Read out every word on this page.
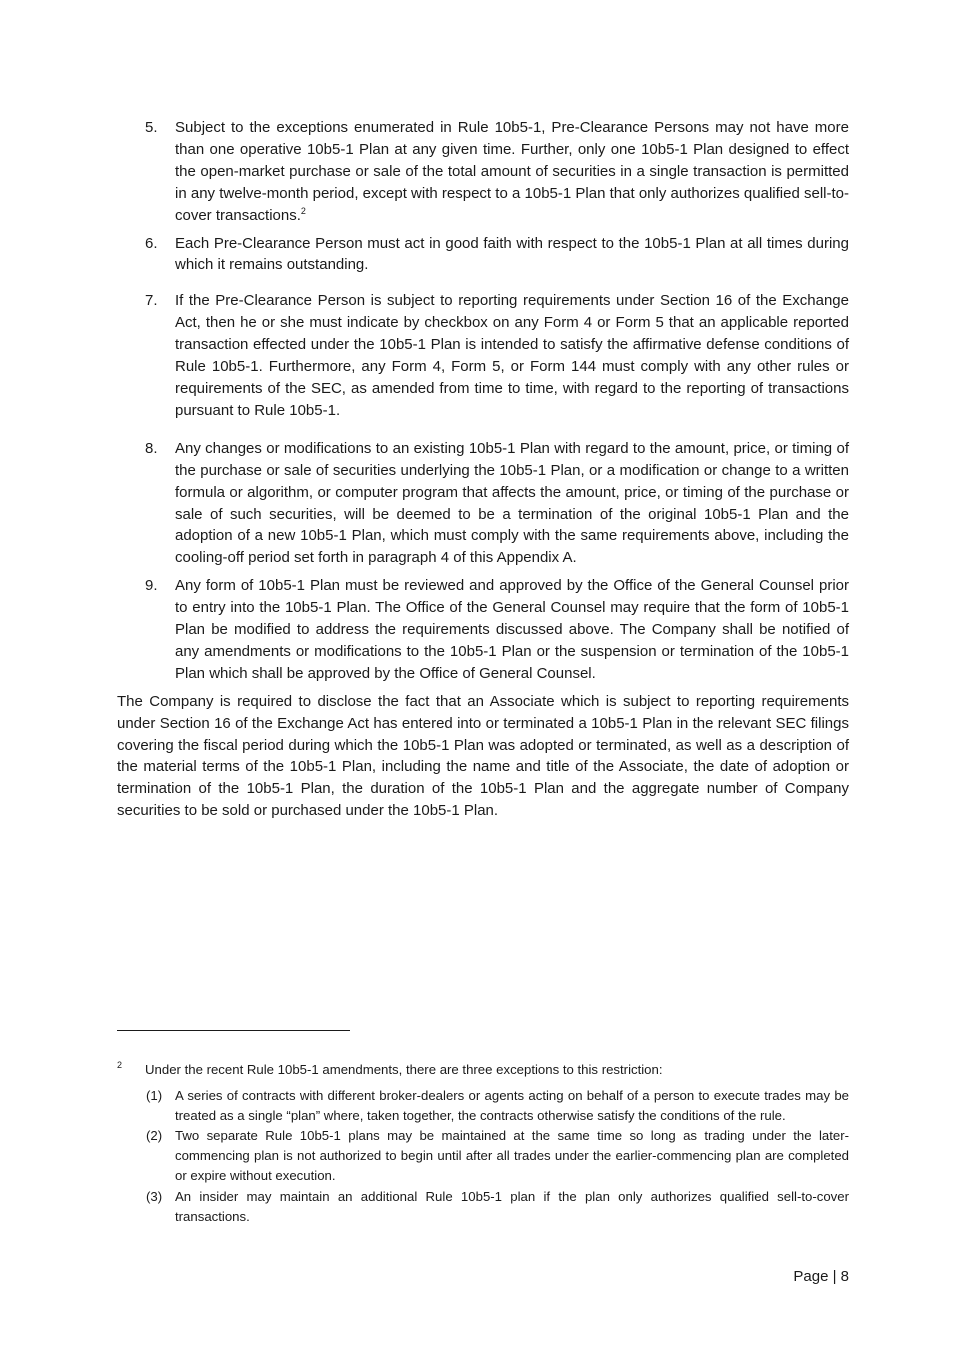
5. Subject to the exceptions enumerated in Rule 10b5-1, Pre-Clearance Persons may not have more than one operative 10b5-1 Plan at any given time. Further, only one 10b5-1 Plan designed to effect the open-market purchase or sale of the total amount of securities in a single transaction is permitted in any twelve-month period, except with respect to a 10b5-1 Plan that only authorizes qualified sell-to-cover transactions.$^2$
6. Each Pre-Clearance Person must act in good faith with respect to the 10b5-1 Plan at all times during which it remains outstanding.
7. If the Pre-Clearance Person is subject to reporting requirements under Section 16 of the Exchange Act, then he or she must indicate by checkbox on any Form 4 or Form 5 that an applicable reported transaction effected under the 10b5-1 Plan is intended to satisfy the affirmative defense conditions of Rule 10b5-1. Furthermore, any Form 4, Form 5, or Form 144 must comply with any other rules or requirements of the SEC, as amended from time to time, with regard to the reporting of transactions pursuant to Rule 10b5-1.
8. Any changes or modifications to an existing 10b5-1 Plan with regard to the amount, price, or timing of the purchase or sale of securities underlying the 10b5-1 Plan, or a modification or change to a written formula or algorithm, or computer program that affects the amount, price, or timing of the purchase or sale of such securities, will be deemed to be a termination of the original 10b5-1 Plan and the adoption of a new 10b5-1 Plan, which must comply with the same requirements above, including the cooling-off period set forth in paragraph 4 of this Appendix A.
9. Any form of 10b5-1 Plan must be reviewed and approved by the Office of the General Counsel prior to entry into the 10b5-1 Plan. The Office of the General Counsel may require that the form of 10b5-1 Plan be modified to address the requirements discussed above. The Company shall be notified of any amendments or modifications to the 10b5-1 Plan or the suspension or termination of the 10b5-1 Plan which shall be approved by the Office of General Counsel.

The Company is required to disclose the fact that an Associate which is subject to reporting requirements under Section 16 of the Exchange Act has entered into or terminated a 10b5-1 Plan in the relevant SEC filings covering the fiscal period during which the 10b5-1 Plan was adopted or terminated, as well as a description of the material terms of the 10b5-1 Plan, including the name and title of the Associate, the date of adoption or termination of the 10b5-1 Plan, the duration of the 10b5-1 Plan and the aggregate number of Company securities to be sold or purchased under the 10b5-1 Plan.

2 Under the recent Rule 10b5-1 amendments, there are three exceptions to this restriction:
(1) A series of contracts with different broker-dealers or agents acting on behalf of a person to execute trades may be treated as a single “plan” where, taken together, the contracts otherwise satisfy the conditions of the rule.
(2) Two separate Rule 10b5-1 plans may be maintained at the same time so long as trading under the later-commencing plan is not authorized to begin until after all trades under the earlier-commencing plan are completed or expire without execution.
(3) An insider may maintain an additional Rule 10b5-1 plan if the plan only authorizes qualified sell-to-cover transactions.
Page | 8
